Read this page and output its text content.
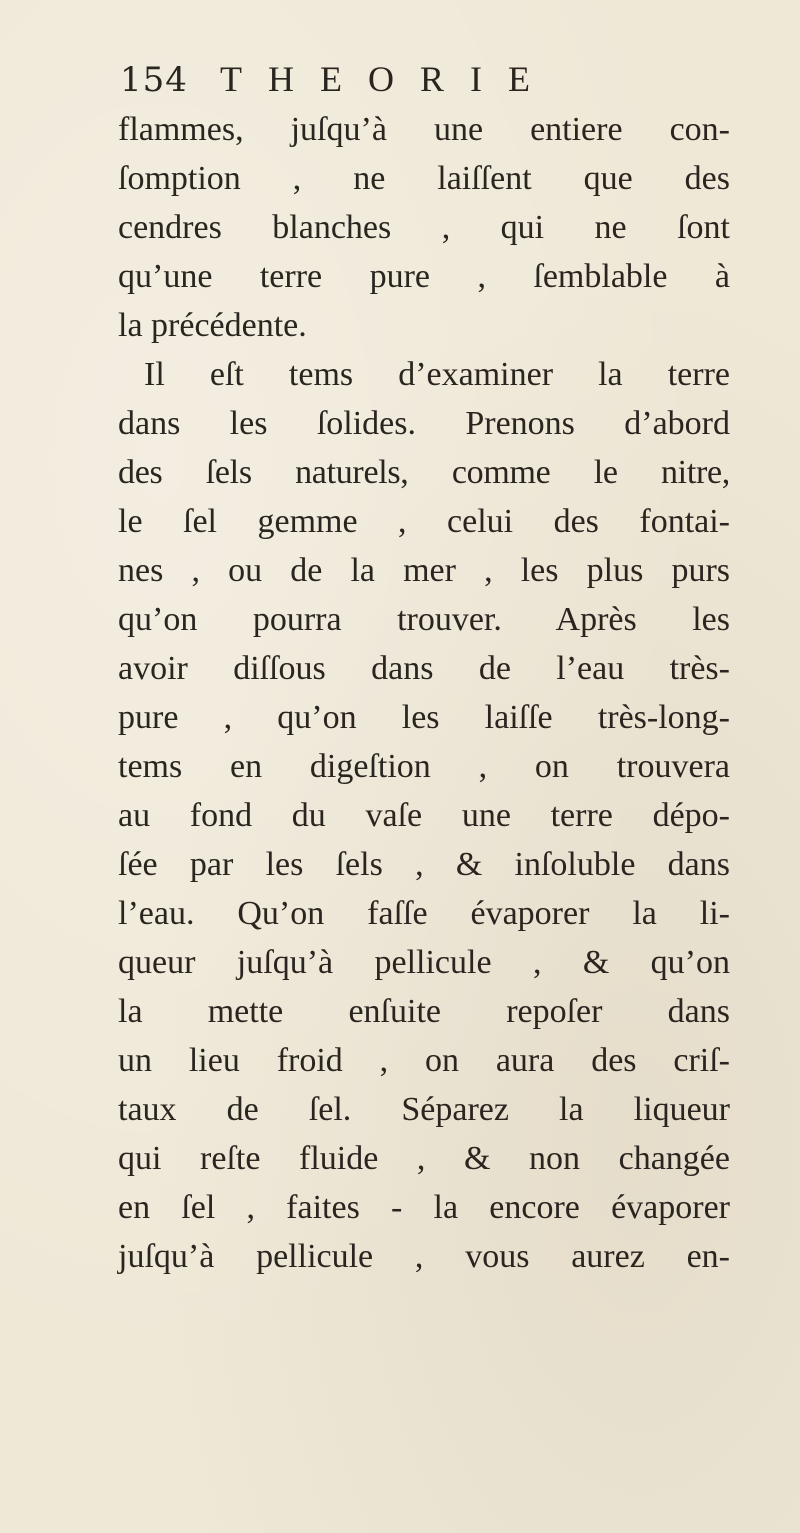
154 THEORIE
flammes, juſqu’à une entiere con-
ſomption , ne laiſſent que des
cendres blanches , qui ne ſont
qu’une terre pure , ſemblable à
la précédente.
Il eſt tems d’examiner la terre
dans les ſolides. Prenons d’abord
des ſels naturels, comme le nitre,
le ſel gemme , celui des fontai-
nes , ou de la mer , les plus purs
qu’on pourra trouver. Après les
avoir diſſous dans de l’eau très-
pure , qu’on les laiſſe très-long-
tems en digeſtion , on trouvera
au fond du vaſe une terre dépo-
ſée par les ſels , & inſoluble dans
l’eau. Qu’on faſſe évaporer la li-
queur juſqu’à pellicule , & qu’on
la mette enſuite repoſer dans
un lieu froid , on aura des criſ-
taux de ſel. Séparez la liqueur
qui reſte fluide , & non changée
en ſel , faites - la encore évaporer
juſqu’à pellicule , vous aurez en-
